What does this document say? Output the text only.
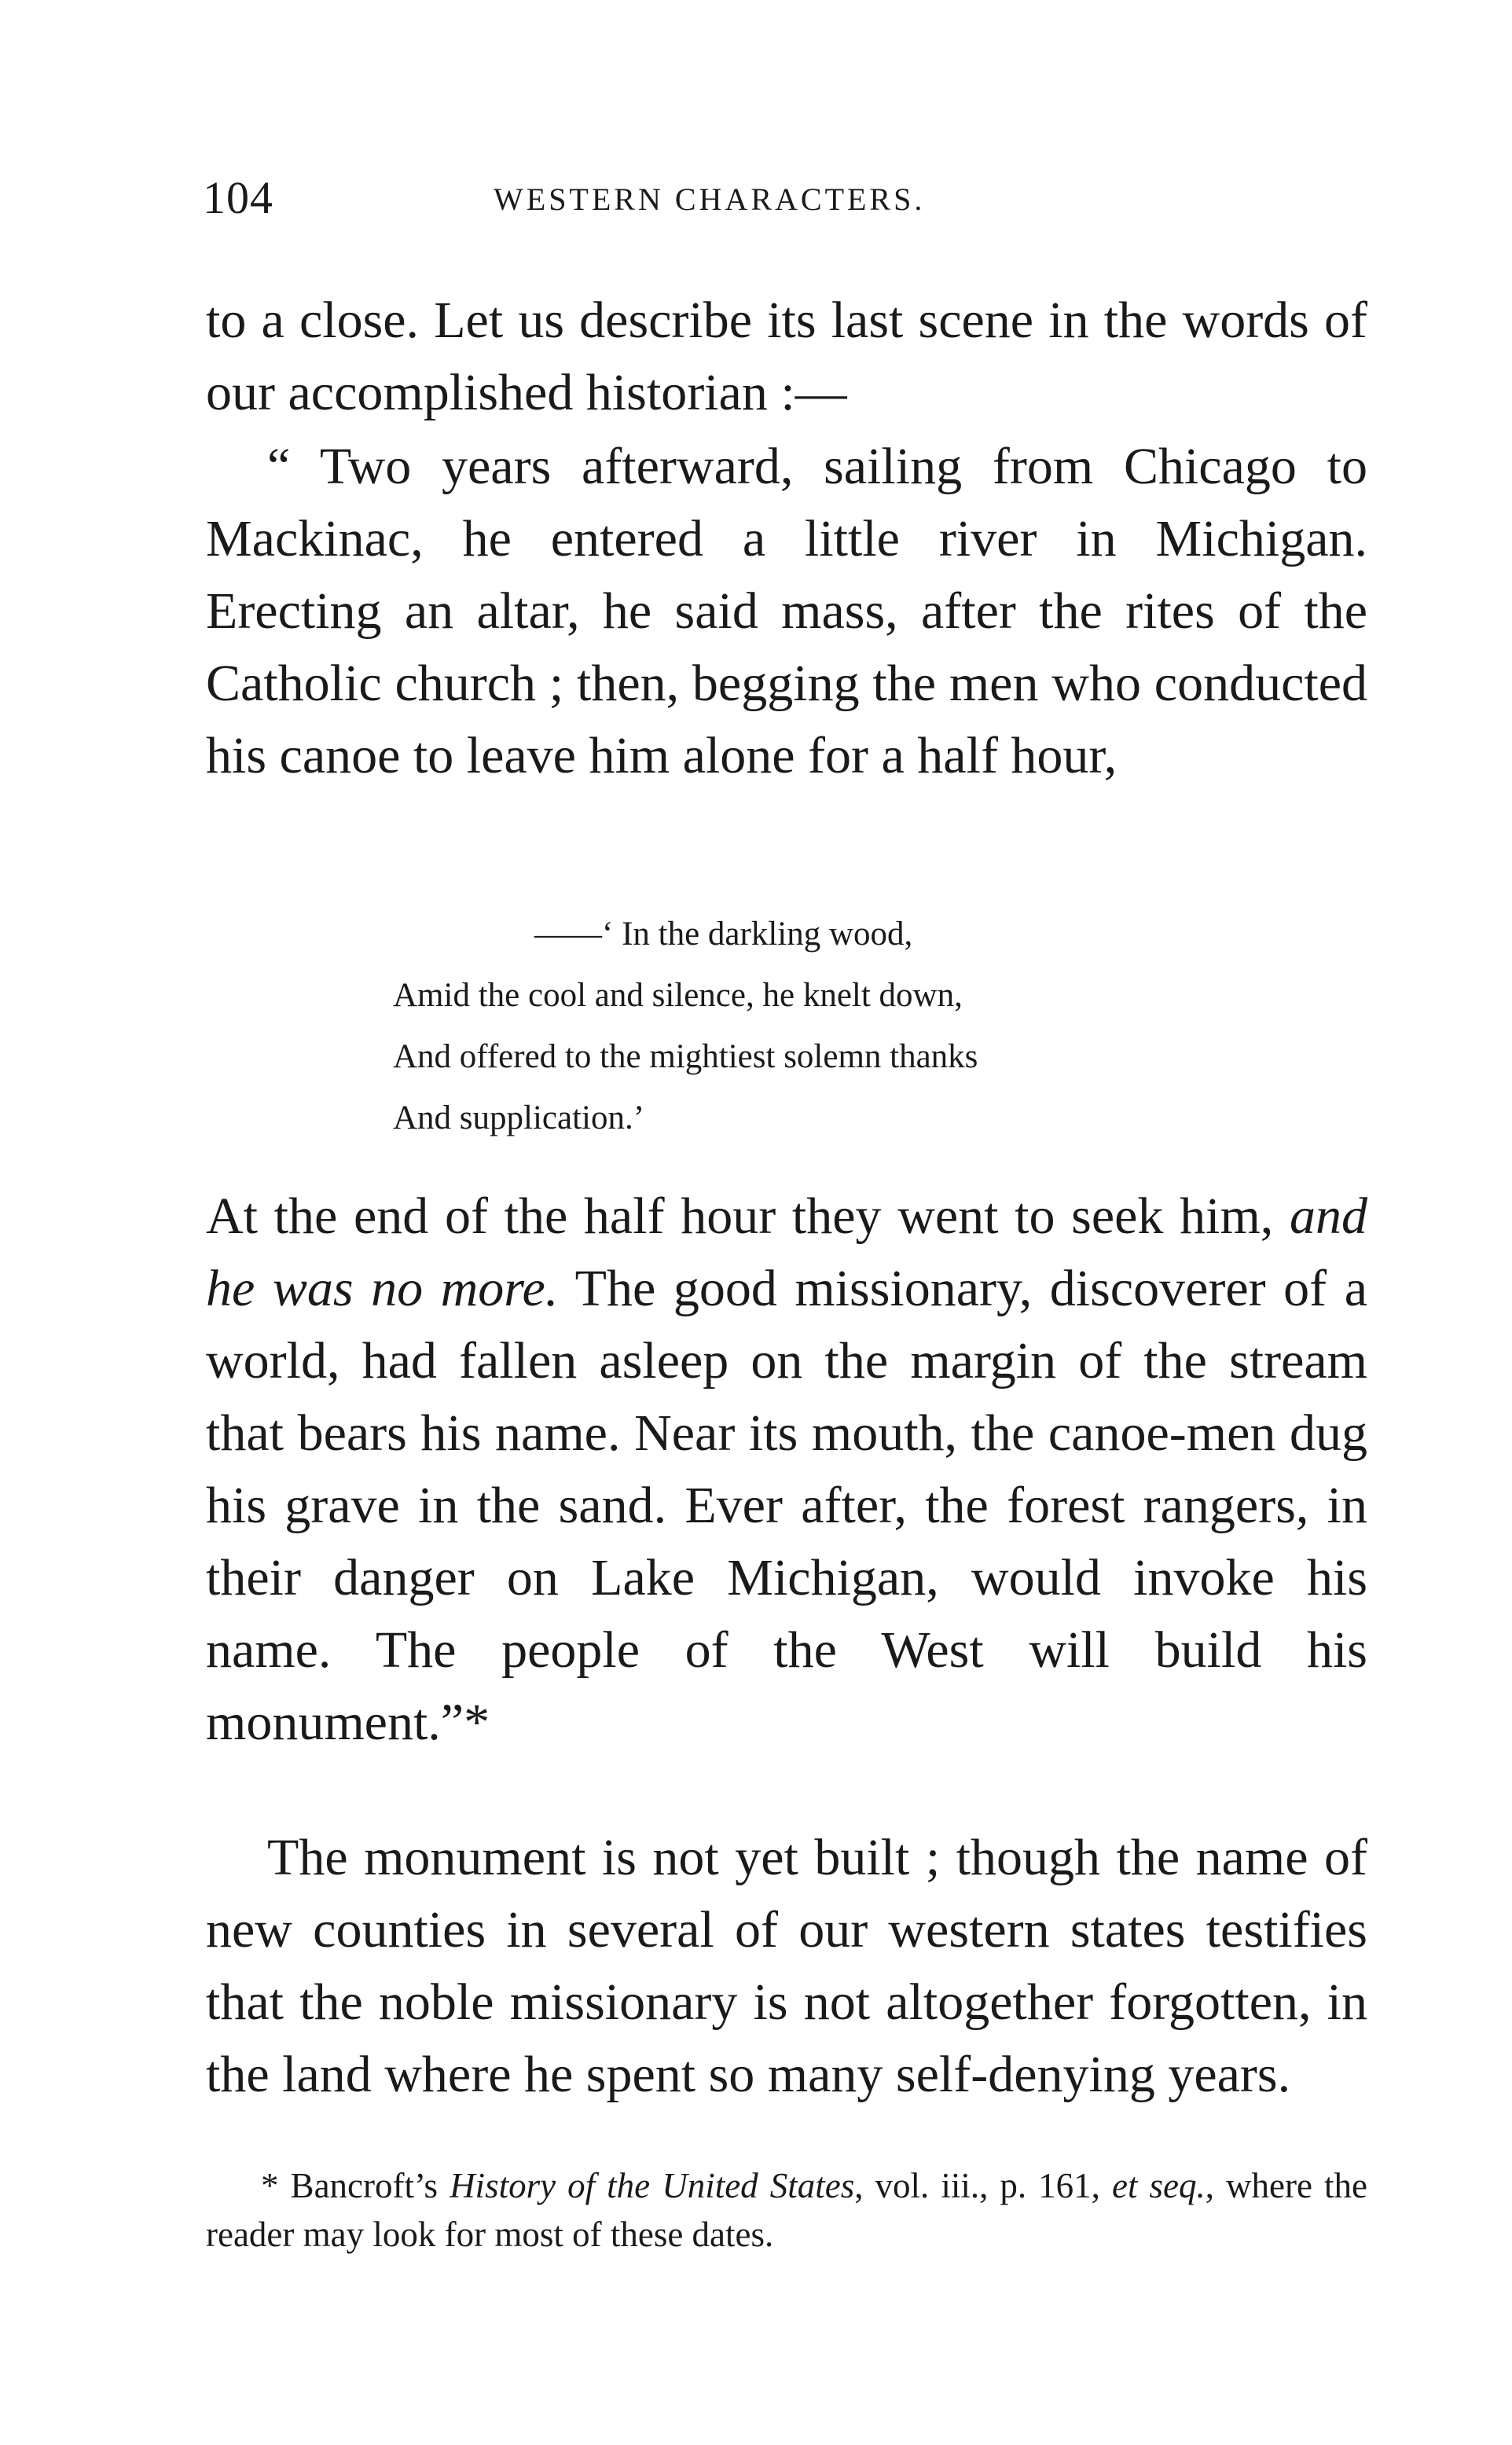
104	WESTERN CHARACTERS.

to a close. Let us describe its last scene in the words of our accomplished historian :—

“ Two years afterward, sailing from Chicago to Mackinac, he entered a little river in Michigan. Erecting an altar, he said mass, after the rites of the Catholic church ; then, begging the men who conducted his canoe to leave him alone for a half hour,

——‘ In the darkling wood,
Amid the cool and silence, he knelt down,
And offered to the mightiest solemn thanks
And supplication.’

At the end of the half hour they went to seek him, and he was no more. The good missionary, discoverer of a world, had fallen asleep on the margin of the stream that bears his name. Near its mouth, the canoe-men dug his grave in the sand. Ever after, the forest rangers, in their danger on Lake Michigan, would invoke his name. The people of the West will build his monument.”*

The monument is not yet built ; though the name of new counties in several of our western states testifies that the noble missionary is not altogether forgotten, in the land where he spent so many self-denying years.

* Bancroft’s History of the United States, vol. iii., p. 161, et seq., where the reader may look for most of these dates.
